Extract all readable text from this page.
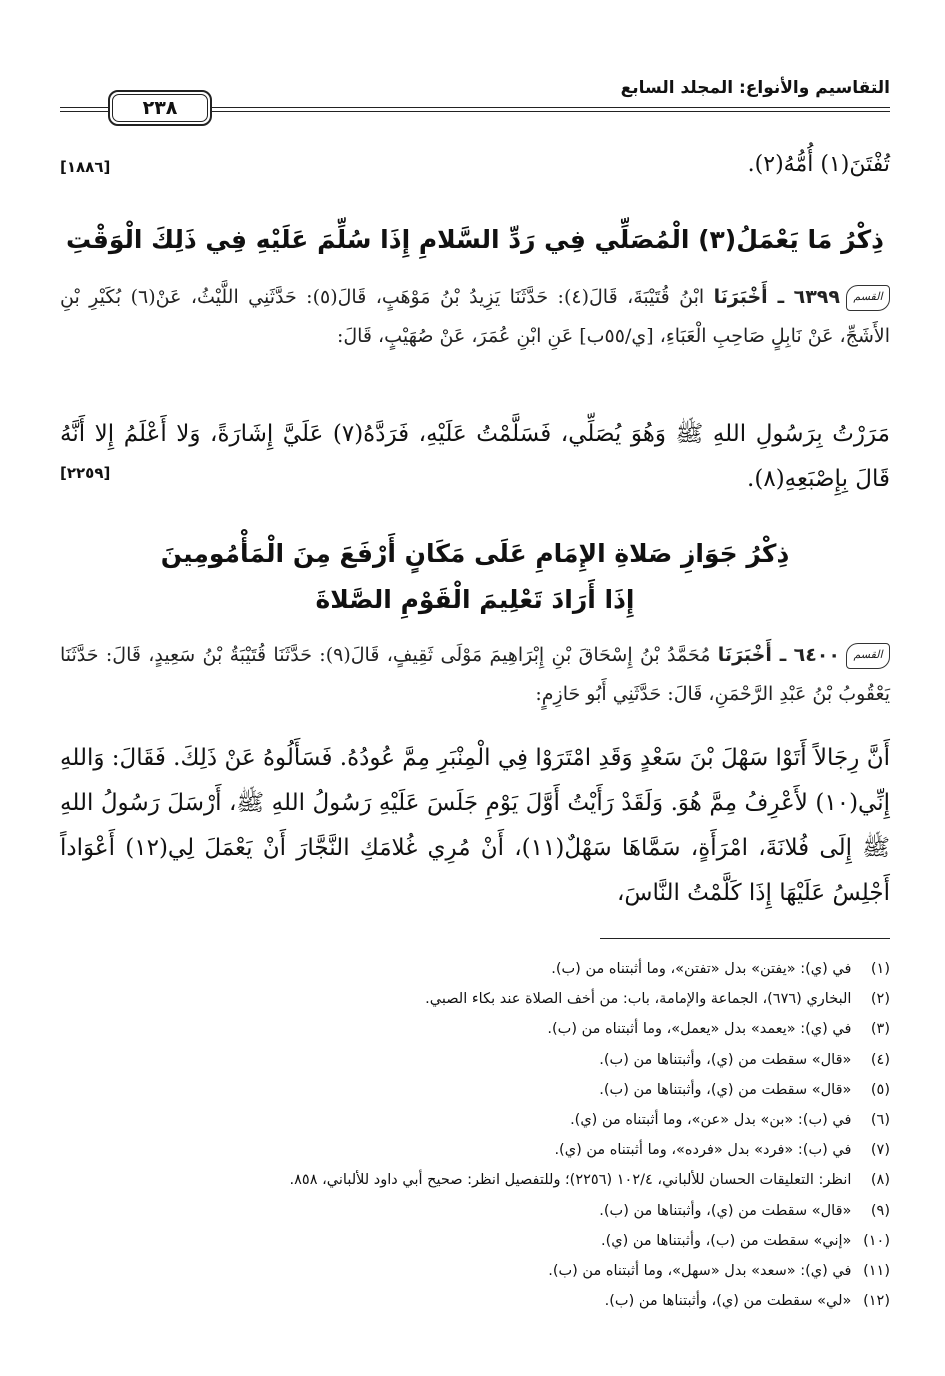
التقاسيم والأنواع: المجلد السابع
٢٣٨
تُفْتَنَ(١) أُمُّهُ(٢).
[١٨٨٦]
ذِكْرُ مَا يَعْمَلُ(٣) الْمُصَلِّي فِي رَدِّ السَّلامِ إِذَا سُلِّمَ عَلَيْهِ فِي ذَلِكَ الْوَقْتِ
القسم٦٣٩٩ ـ أَخْبَرَنَا ابْنُ قُتَيْبَةَ، قَالَ(٤): حَدَّثَنَا يَزِيدُ بْنُ مَوْهَبٍ، قَالَ(٥): حَدَّثَنِي اللَّيْثُ، عَنْ(٦) بُكَيْرِ بْنِ الأَشَجِّ، عَنْ نَابِلٍ صَاحِبِ الْعَبَاءِ، [ي/٥٥ب] عَنِ ابْنِ عُمَرَ، عَنْ صُهَيْبٍ، قَالَ:
مَرَرْتُ بِرَسُولِ اللهِ ﷺ وَهُوَ يُصَلِّي، فَسَلَّمْتُ عَلَيْهِ، فَرَدَّهُ(٧) عَلَيَّ إِشَارَةً، وَلا أَعْلَمُ إِلا أَنَّهُ قَالَ بِإِصْبَعِهِ(٨).
[٢٢٥٩]
ذِكْرُ جَوَازِ صَلاةِ الإِمَامِ عَلَى مَكَانٍ أَرْفَعَ مِنَ الْمَأْمُومِينَ
إِذَا أَرَادَ تَعْلِيمَ الْقَوْمِ الصَّلاةَ
القسم٦٤٠٠ ـ أَخْبَرَنَا مُحَمَّدُ بْنُ إِسْحَاقَ بْنِ إِبْرَاهِيمَ مَوْلَى ثَقِيفٍ، قَالَ(٩): حَدَّثَنَا قُتَيْبَةُ بْنُ سَعِيدٍ، قَالَ: حَدَّثَنَا يَعْقُوبُ بْنُ عَبْدِ الرَّحْمَنِ، قَالَ: حَدَّثَنِي أَبُو حَازِمٍ:
أَنَّ رِجَالاً أَتَوْا سَهْلَ بْنَ سَعْدٍ وَقَدِ امْتَرَوْا فِي الْمِنْبَرِ مِمَّ عُودُهُ. فَسَأَلُوهُ عَنْ ذَلِكَ. فَقَالَ: وَاللهِ إِنِّي(١٠) لأَعْرِفُ مِمَّ هُوَ. وَلَقَدْ رَأَيْتُ أَوَّلَ يَوْمِ جَلَسَ عَلَيْهِ رَسُولُ اللهِ ﷺ، أَرْسَلَ رَسُولُ اللهِ ﷺ إِلَى فُلانَةَ، امْرَأَةٍ، سَمَّاهَا سَهْلٌ(١١)، أَنْ مُرِي غُلامَكِ النَّجَّارَ أَنْ يَعْمَلَ لِي(١٢) أَعْوَاداً أَجْلِسُ عَلَيْهَا إِذَا كَلَّمْتُ النَّاسَ،
(١) في (ي): «يفتن» بدل «تفتن»، وما أثبتناه من (ب).
(٢) البخاري (٦٧٦)، الجماعة والإمامة، باب: من أخف الصلاة عند بكاء الصبي.
(٣) في (ي): «يعمد» بدل «يعمل»، وما أثبتناه من (ب).
(٤) «قال» سقطت من (ي)، وأثبتناها من (ب).
(٥) «قال» سقطت من (ي)، وأثبتناها من (ب).
(٦) في (ب): «بن» بدل «عن»، وما أثبتناه من (ي).
(٧) في (ب): «فرد» بدل «فرده»، وما أثبتناه من (ي).
(٨) انظر: التعليقات الحسان للألباني، ١٠٢/٤ (٢٢٥٦)؛ وللتفصيل انظر: صحيح أبي داود للألباني، ٨٥٨.
(٩) «قال» سقطت من (ي)، وأثبتناها من (ب).
(١٠) «إني» سقطت من (ب)، وأثبتناها من (ي).
(١١) في (ي): «سعد» بدل «سهل»، وما أثبتناه من (ب).
(١٢) «لي» سقطت من (ي)، وأثبتناها من (ب).
